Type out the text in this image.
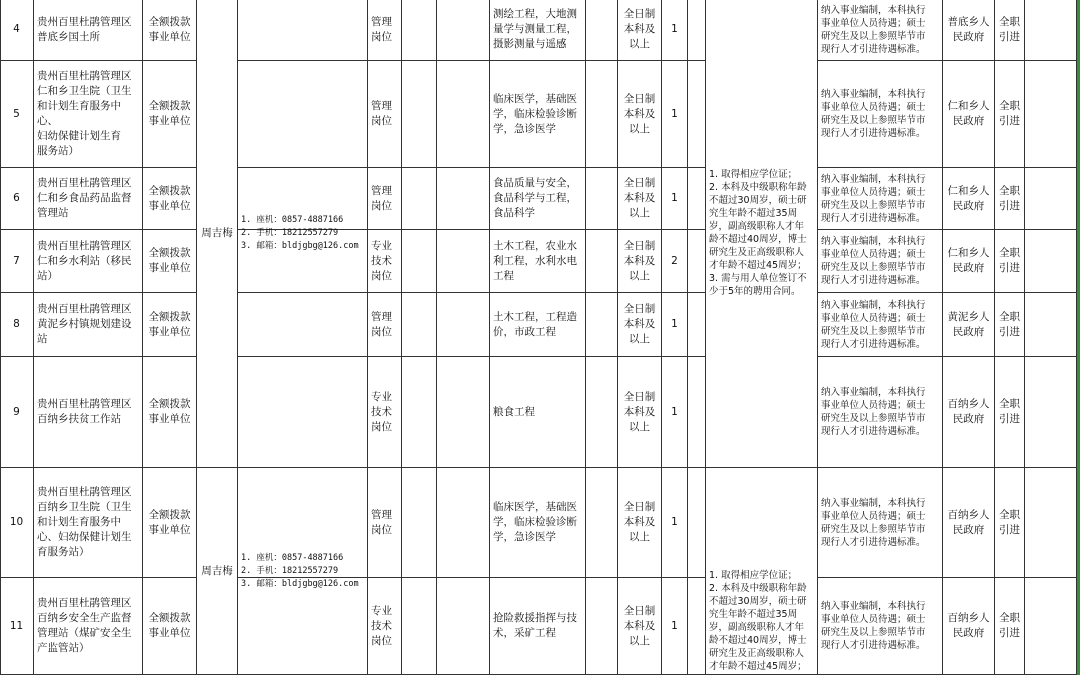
4
贵州百里杜鹃管理区
普底乡国土所
全额拨款
事业单位
管理
岗位
测绘工程，大地测
量学与测量工程，
摄影测量与遥感
全日制
本科及
以上
1
纳入事业编制，本科执行
事业单位人员待遇；硕士
研究生及以上参照毕节市
现行人才引进待遇标准。
普底乡人
民政府
全职
引进
5
贵州百里杜鹃管理区
仁和乡卫生院（卫生
和计划生育服务中心、
妇幼保健计划生育
服务站）
全额拨款
事业单位
管理
岗位
临床医学，基础医
学，临床检验诊断
学，急诊医学
全日制
本科及
以上
1
纳入事业编制，本科执行
事业单位人员待遇；硕士
研究生及以上参照毕节市
现行人才引进待遇标准。
仁和乡人
民政府
全职
引进
6
贵州百里杜鹃管理区
仁和乡食品药品监督
管理站
全额拨款
事业单位
管理
岗位
食品质量与安全，
食品科学与工程，
食品科学
全日制
本科及
以上
1
纳入事业编制，本科执行
事业单位人员待遇；硕士
研究生及以上参照毕节市
现行人才引进待遇标准。
仁和乡人
民政府
全职
引进
7
贵州百里杜鹃管理区
仁和乡水利站（移民
站）
全额拨款
事业单位
专业
技术
岗位
土木工程，农业水
利工程，水利水电
工程
全日制
本科及
以上
2
纳入事业编制，本科执行
事业单位人员待遇；硕士
研究生及以上参照毕节市
现行人才引进待遇标准。
仁和乡人
民政府
全职
引进
8
贵州百里杜鹃管理区
黄泥乡村镇规划建设
站
全额拨款
事业单位
管理
岗位
土木工程，工程造
价，市政工程
全日制
本科及
以上
1
纳入事业编制，本科执行
事业单位人员待遇；硕士
研究生及以上参照毕节市
现行人才引进待遇标准。
黄泥乡人
民政府
全职
引进
9
贵州百里杜鹃管理区
百纳乡扶贫工作站
全额拨款
事业单位
专业
技术
岗位
粮食工程
全日制
本科及
以上
1
纳入事业编制，本科执行
事业单位人员待遇；硕士
研究生及以上参照毕节市
现行人才引进待遇标准。
百纳乡人
民政府
全职
引进
10
贵州百里杜鹃管理区
百纳乡卫生院（卫生
和计划生育服务中
心、妇幼保健计划生
育服务站）
全额拨款
事业单位
管理
岗位
临床医学，基础医
学，临床检验诊断
学，急诊医学
全日制
本科及
以上
1
纳入事业编制，本科执行
事业单位人员待遇；硕士
研究生及以上参照毕节市
现行人才引进待遇标准。
百纳乡人
民政府
全职
引进
11
贵州百里杜鹃管理区
百纳乡安全生产监督
管理站（煤矿安全生
产监管站）
全额拨款
事业单位
专业
技术
岗位
抢险救援指挥与技
术，采矿工程
全日制
本科及
以上
1
纳入事业编制，本科执行
事业单位人员待遇；硕士
研究生及以上参照毕节市
现行人才引进待遇标准。
百纳乡人
民政府
全职
引进
周吉梅
1. 座机：0857-4887166
2. 手机：18212557279
3. 邮箱：bldjgbg@126.com
1. 取得相应学位证；
2. 本科及中级职称年龄
不超过30周岁，硕士研
究生年龄不超过35周
岁，副高级职称人才年
龄不超过40周岁，博士
研究生及正高级职称人
才年龄不超过45周岁；
3. 需与用人单位签订不
少于5年的聘用合同。
周吉梅
1. 座机：0857-4887166
2. 手机：18212557279
3. 邮箱：bldjgbg@126.com
1. 取得相应学位证；
2. 本科及中级职称年龄
不超过30周岁，硕士研
究生年龄不超过35周
岁，副高级职称人才年
龄不超过40周岁，博士
研究生及正高级职称人
才年龄不超过45周岁；
